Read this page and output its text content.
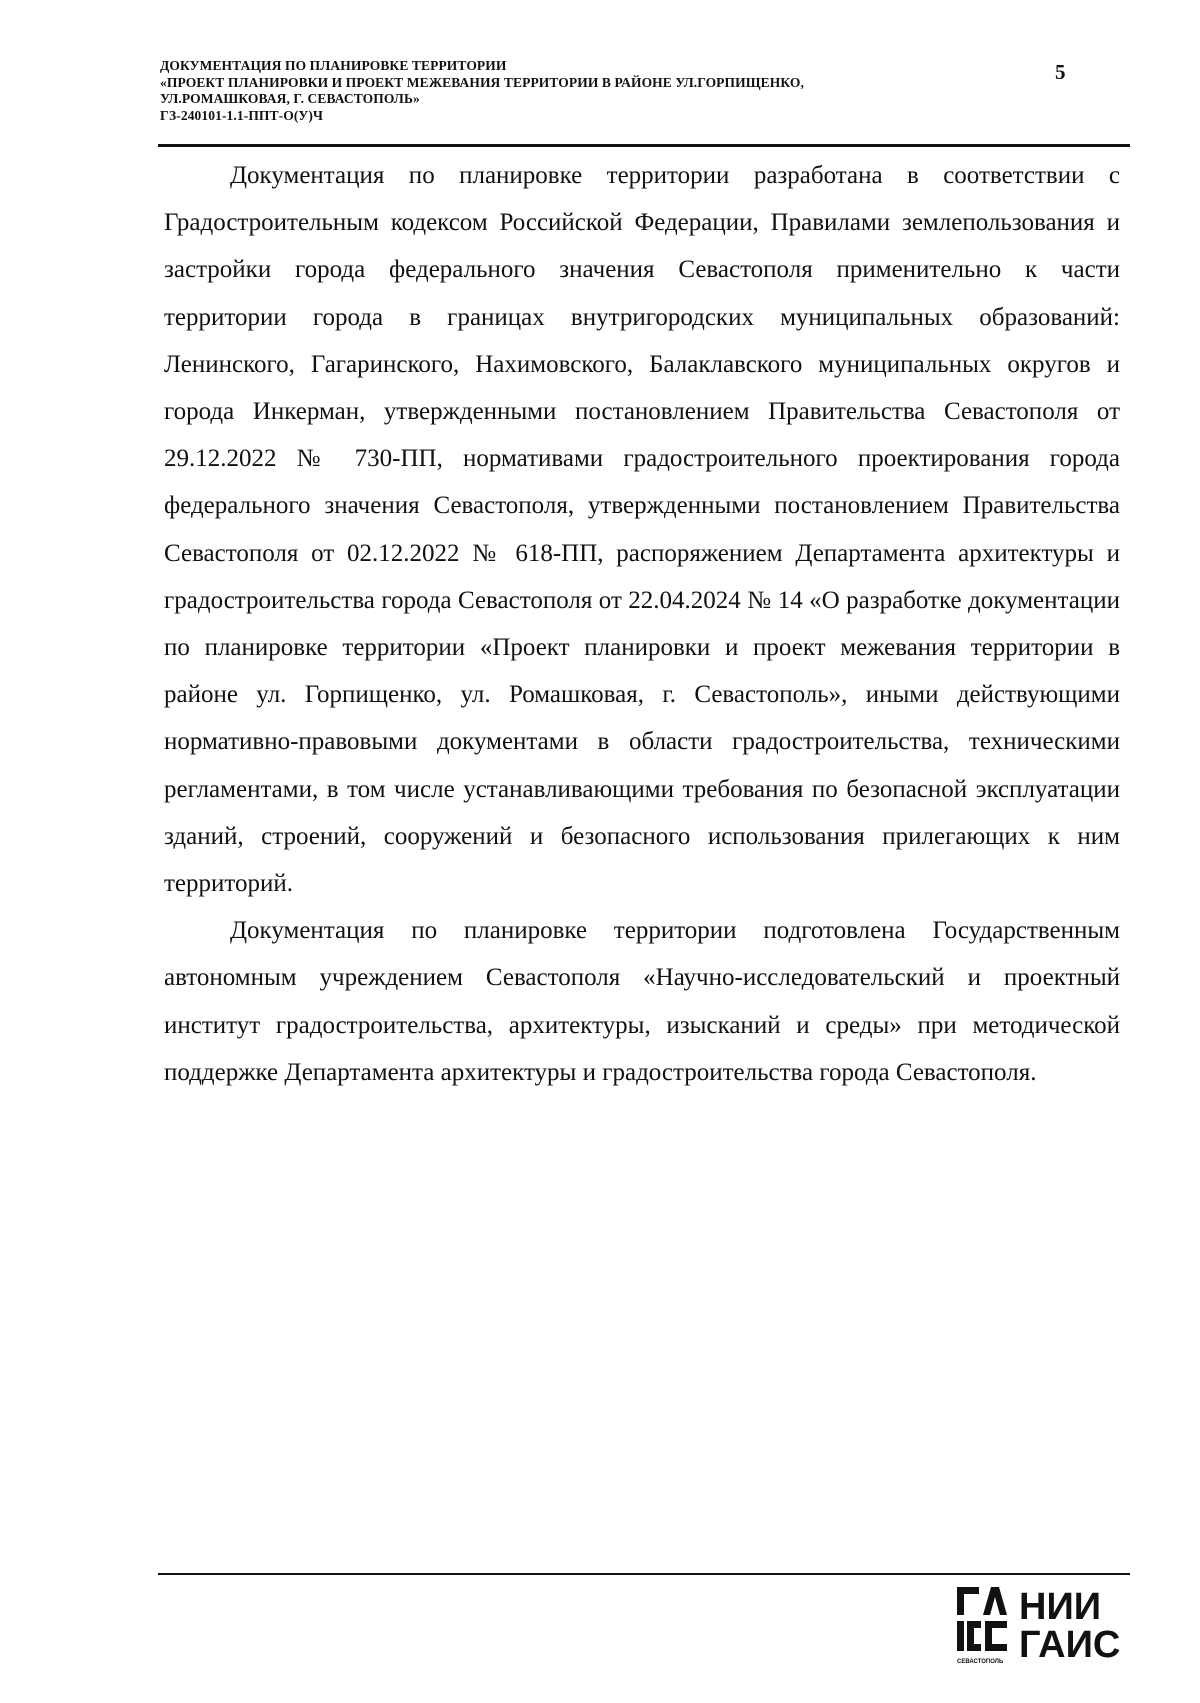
ДОКУМЕНТАЦИЯ ПО ПЛАНИРОВКЕ ТЕРРИТОРИИ
«ПРОЕКТ ПЛАНИРОВКИ И ПРОЕКТ МЕЖЕВАНИЯ ТЕРРИТОРИИ В РАЙОНЕ УЛ.ГОРПИЩЕНКО,
УЛ.РОМАШКОВАЯ, Г. СЕВАСТОПОЛЬ»
ГЗ-240101-1.1-ППТ-О(У)Ч
5

Документация по планировке территории разработана в соответствии с Градостроительным кодексом Российской Федерации, Правилами землепользования и застройки города федерального значения Севастополя применительно к части территории города в границах внутригородских муниципальных образований: Ленинского, Гагаринского, Нахимовского, Балаклавского муниципальных округов и города Инкерман, утвержденными постановлением Правительства Севастополя от 29.12.2022 № 730-ПП, нормативами градостроительного проектирования города федерального значения Севастополя, утвержденными постановлением Правительства Севастополя от 02.12.2022 № 618-ПП, распоряжением Департамента архитектуры и градостроительства города Севастополя от 22.04.2024 № 14 «О разработке документации по планировке территории «Проект планировки и проект межевания территории в районе ул. Горпищенко, ул. Ромашковая, г. Севастополь», иными действующими нормативно-правовыми документами в области градостроительства, техническими регламентами, в том числе устанавливающими требования по безопасной эксплуатации зданий, строений, сооружений и безопасного использования прилегающих к ним территорий.

Документация по планировке территории подготовлена Государственным автономным учреждением Севастополя «Научно-исследовательский и проектный институт градостроительства, архитектуры, изысканий и среды» при методической поддержке Департамента архитектуры и градостроительства города Севастополя.

НИИ
ГАИС
СЕВАСТОПОЛЬ
